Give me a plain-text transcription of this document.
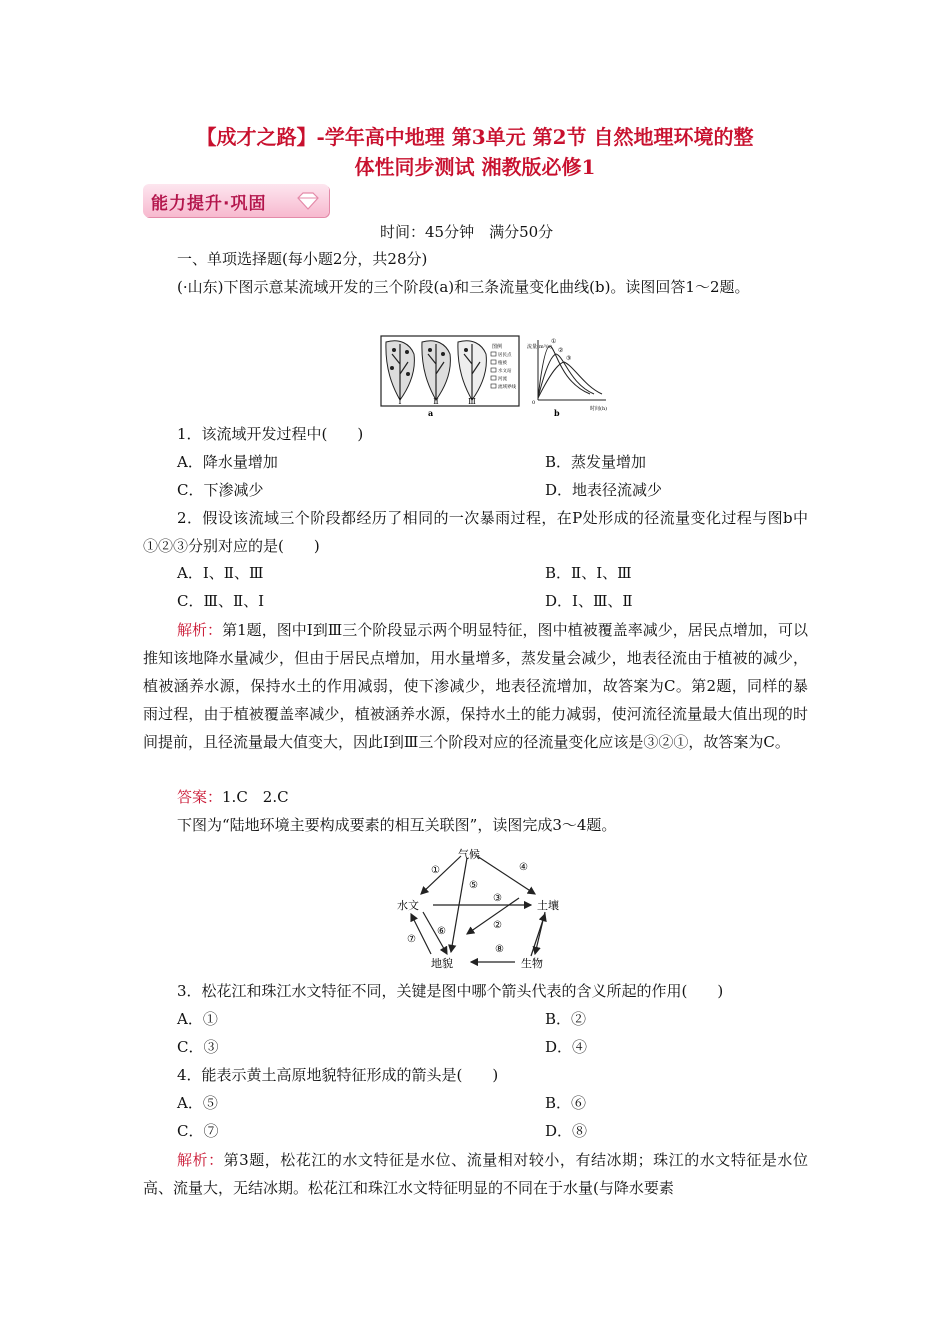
【成才之路】-学年高中地理 第3单元 第2节 自然地理环境的整
体性同步测试 湘教版必修1
能力提升·巩固
时间：45分钟　满分50分
一、单项选择题(每小题2分，共28分)
(·山东)下图示意某流域开发的三个阶段(a)和三条流量变化曲线(b)。读图回答1～2题。
Ⅰ	Ⅱ	Ⅲ
图例
居民点
植被
水文站
河流
流域界线
a
流量(m³/s)
时间(h)
0
①
②
③
b
1．该流域开发过程中(　　)
A．降水量增加	B．蒸发量增加
C．下渗减少	D．地表径流减少
2．假设该流域三个阶段都经历了相同的一次暴雨过程，在P处形成的径流量变化过程与图b中①②③分别对应的是(　　)
A．Ⅰ、Ⅱ、Ⅲ	B．Ⅱ、Ⅰ、Ⅲ
C．Ⅲ、Ⅱ、Ⅰ	D．Ⅰ、Ⅲ、Ⅱ
解析：第1题，图中Ⅰ到Ⅲ三个阶段显示两个明显特征，图中植被覆盖率减少，居民点增加，可以推知该地降水量减少，但由于居民点增加，用水量增多，蒸发量会减少，地表径流由于植被的减少，植被涵养水源，保持水土的作用减弱，使下渗减少，地表径流增加，故答案为C。第2题，同样的暴雨过程，由于植被覆盖率减少，植被涵养水源，保持水土的能力减弱，使河流径流量最大值出现的时间提前，且径流量最大值变大，因此Ⅰ到Ⅲ三个阶段对应的径流量变化应该是③②①，故答案为C。
答案：1.C　2.C
下图为“陆地环境主要构成要素的相互关联图”，读图完成3～4题。
气候
水文	土壤
地貌	生物
①
②
③
④
⑤
⑥
⑦
⑧
3．松花江和珠江水文特征不同，关键是图中哪个箭头代表的含义所起的作用(　　)
A．①	B．②
C．③	D．④
4．能表示黄土高原地貌特征形成的箭头是(　　)
A．⑤	B．⑥
C．⑦	D．⑧
解析：第3题，松花江的水文特征是水位、流量相对较小，有结冰期；珠江的水文特征是水位高、流量大，无结冰期。松花江和珠江水文特征明显的不同在于水量(与降水要素
